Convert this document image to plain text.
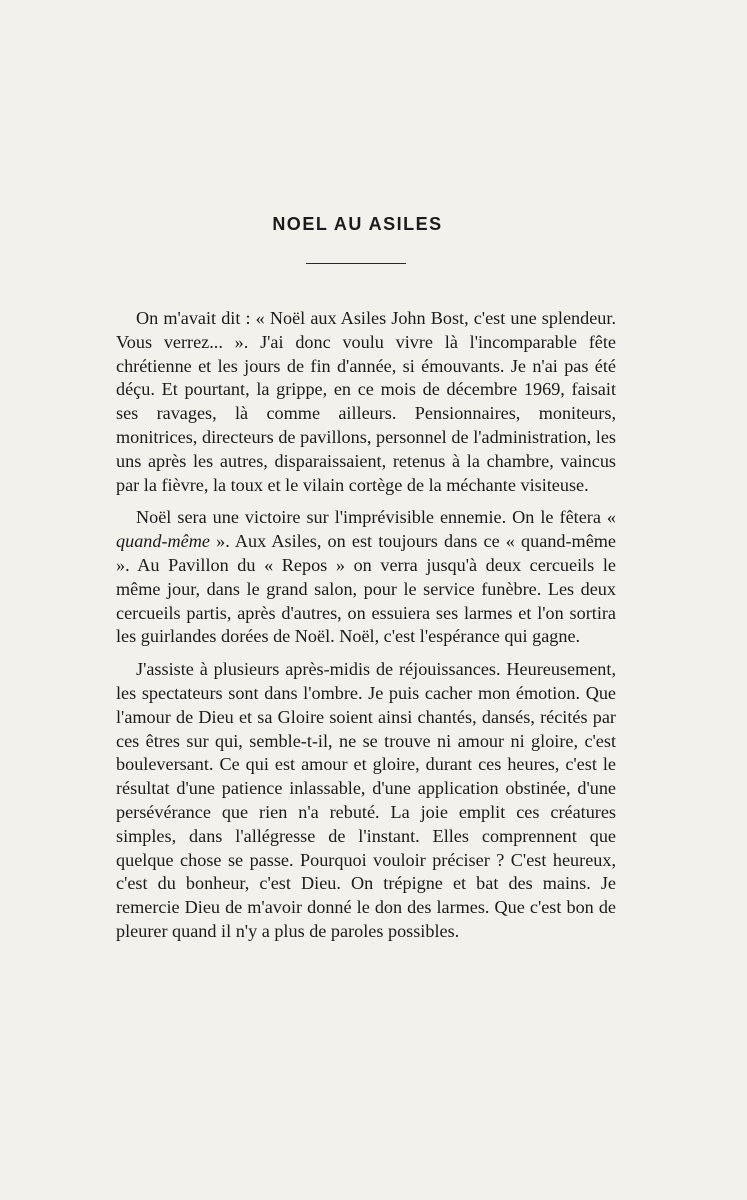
NOEL AU ASILES

On m'avait dit : « Noël aux Asiles John Bost, c'est une splendeur. Vous verrez... ». J'ai donc voulu vivre là l'incomparable fête chrétienne et les jours de fin d'année, si émouvants. Je n'ai pas été déçu. Et pourtant, la grippe, en ce mois de décembre 1969, faisait ses ravages, là comme ailleurs. Pensionnaires, moniteurs, monitrices, directeurs de pavillons, personnel de l'administration, les uns après les autres, disparaissaient, retenus à la chambre, vaincus par la fièvre, la toux et le vilain cortège de la méchante visiteuse.

Noël sera une victoire sur l'imprévisible ennemie. On le fêtera « quand-même ». Aux Asiles, on est toujours dans ce « quand-même ». Au Pavillon du « Repos » on verra jusqu'à deux cercueils le même jour, dans le grand salon, pour le service funèbre. Les deux cercueils partis, après d'autres, on essuiera ses larmes et l'on sortira les guirlandes dorées de Noël. Noël, c'est l'espérance qui gagne.

J'assiste à plusieurs après-midis de réjouissances. Heureusement, les spectateurs sont dans l'ombre. Je puis cacher mon émotion. Que l'amour de Dieu et sa Gloire soient ainsi chantés, dansés, récités par ces êtres sur qui, semble-t-il, ne se trouve ni amour ni gloire, c'est bouleversant. Ce qui est amour et gloire, durant ces heures, c'est le résultat d'une patience inlassable, d'une application obstinée, d'une persévérance que rien n'a rebuté. La joie emplit ces créatures simples, dans l'allégresse de l'instant. Elles comprennent que quelque chose se passe. Pourquoi vouloir préciser ? C'est heureux, c'est du bonheur, c'est Dieu. On trépigne et bat des mains. Je remercie Dieu de m'avoir donné le don des larmes. Que c'est bon de pleurer quand il n'y a plus de paroles possibles.
